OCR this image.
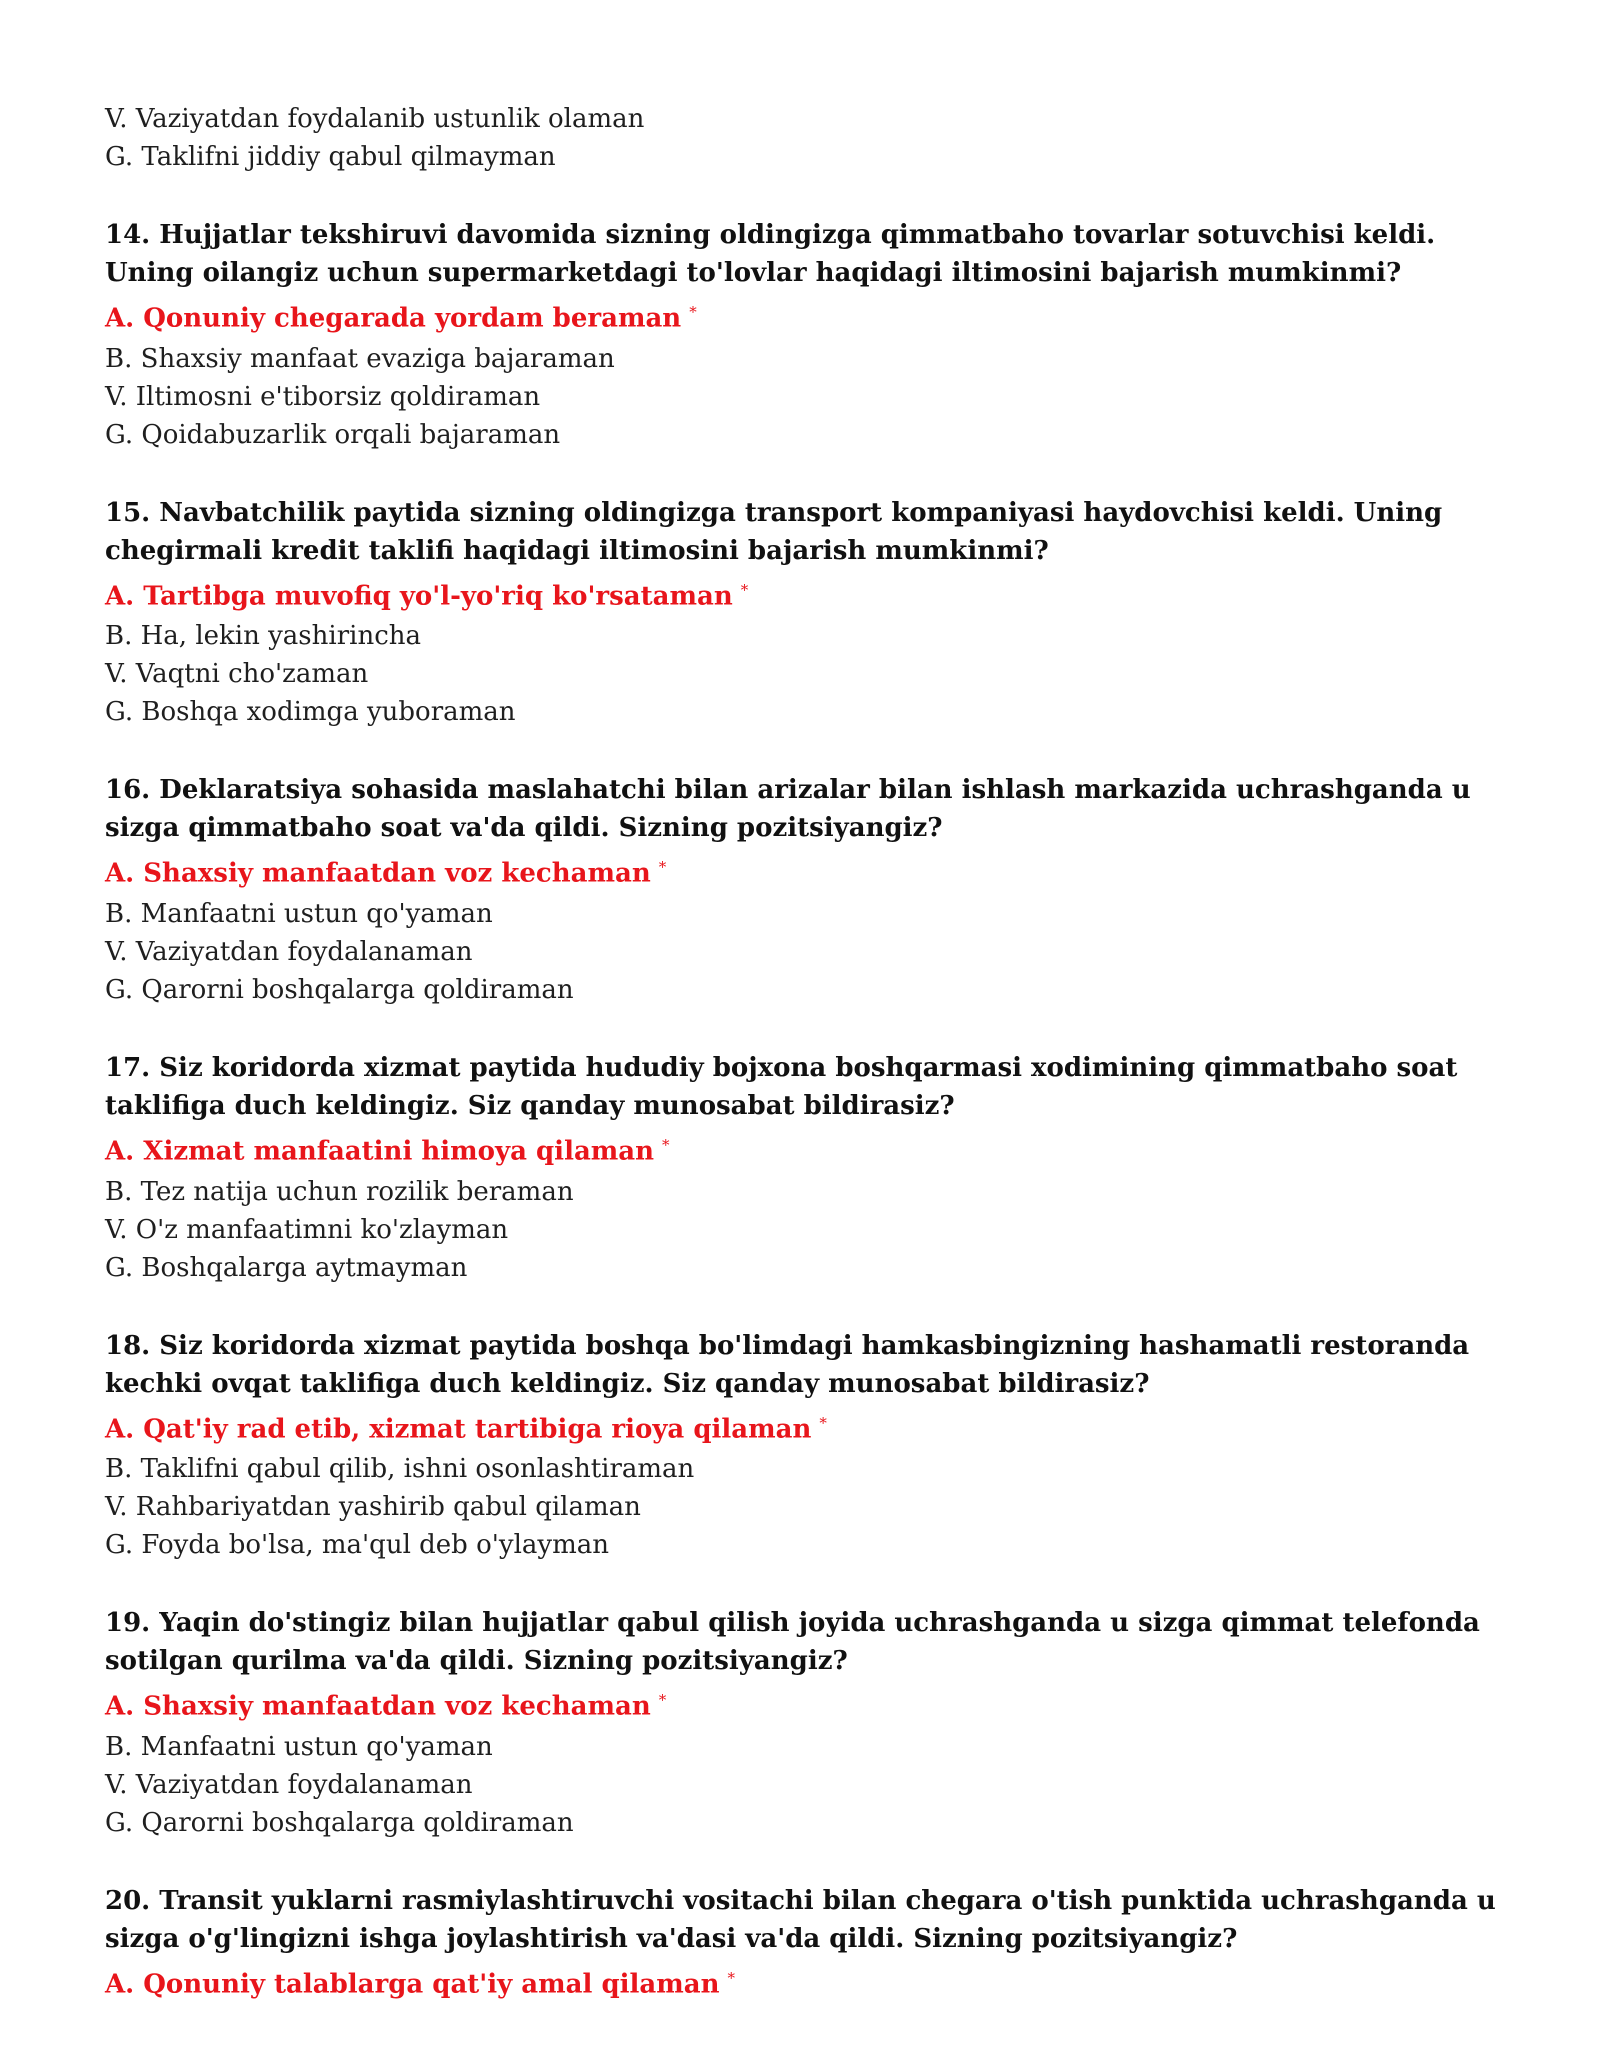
V. Vaziyatdan foydalanib ustunlik olaman
G. Taklifni jiddiy qabul qilmayman
14. Hujjatlar tekshiruvi davomida sizning oldingizga qimmatbaho tovarlar sotuvchisi keldi. Uning oilangiz uchun supermarketdagi to'lovlar haqidagi iltimosini bajarish mumkinmi?
A. Qonuniy chegarada yordam beraman *
B. Shaxsiy manfaat evaziga bajaraman
V. Iltimosni e'tiborsiz qoldiraman
G. Qoidabuzarlik orqali bajaraman
15. Navbatchilik paytida sizning oldingizga transport kompaniyasi haydovchisi keldi. Uning chegirmali kredit taklifi haqidagi iltimosini bajarish mumkinmi?
A. Tartibga muvofiq yo'l-yo'riq ko'rsataman *
B. Ha, lekin yashirincha
V. Vaqtni cho'zaman
G. Boshqa xodimga yuboraman
16. Deklaratsiya sohasida maslahatchi bilan arizalar bilan ishlash markazida uchrashganda u sizga qimmatbaho soat va'da qildi. Sizning pozitsiyangiz?
A. Shaxsiy manfaatdan voz kechaman *
B. Manfaatni ustun qo'yaman
V. Vaziyatdan foydalanaman
G. Qarorni boshqalarga qoldiraman
17. Siz koridorda xizmat paytida hududiy bojxona boshqarmasi xodimining qimmatbaho soat taklifiga duch keldingiz. Siz qanday munosabat bildirasiz?
A. Xizmat manfaatini himoya qilaman *
B. Tez natija uchun rozilik beraman
V. O'z manfaatimni ko'zlayman
G. Boshqalarga aytmayman
18. Siz koridorda xizmat paytida boshqa bo'limdagi hamkasbingizning hashamatli restoranda kechki ovqat taklifiga duch keldingiz. Siz qanday munosabat bildirasiz?
A. Qat'iy rad etib, xizmat tartibiga rioya qilaman *
B. Taklifni qabul qilib, ishni osonlashtiraman
V. Rahbariyatdan yashirib qabul qilaman
G. Foyda bo'lsa, ma'qul deb o'ylayman
19. Yaqin do'stingiz bilan hujjatlar qabul qilish joyida uchrashganda u sizga qimmat telefonda sotilgan qurilma va'da qildi. Sizning pozitsiyangiz?
A. Shaxsiy manfaatdan voz kechaman *
B. Manfaatni ustun qo'yaman
V. Vaziyatdan foydalanaman
G. Qarorni boshqalarga qoldiraman
20. Transit yuklarni rasmiylashtiruvchi vositachi bilan chegara o'tish punktida uchrashganda u sizga o'g'lingizni ishga joylashtirish va'dasi va'da qildi. Sizning pozitsiyangiz?
A. Qonuniy talablarga qat'iy amal qilaman *
